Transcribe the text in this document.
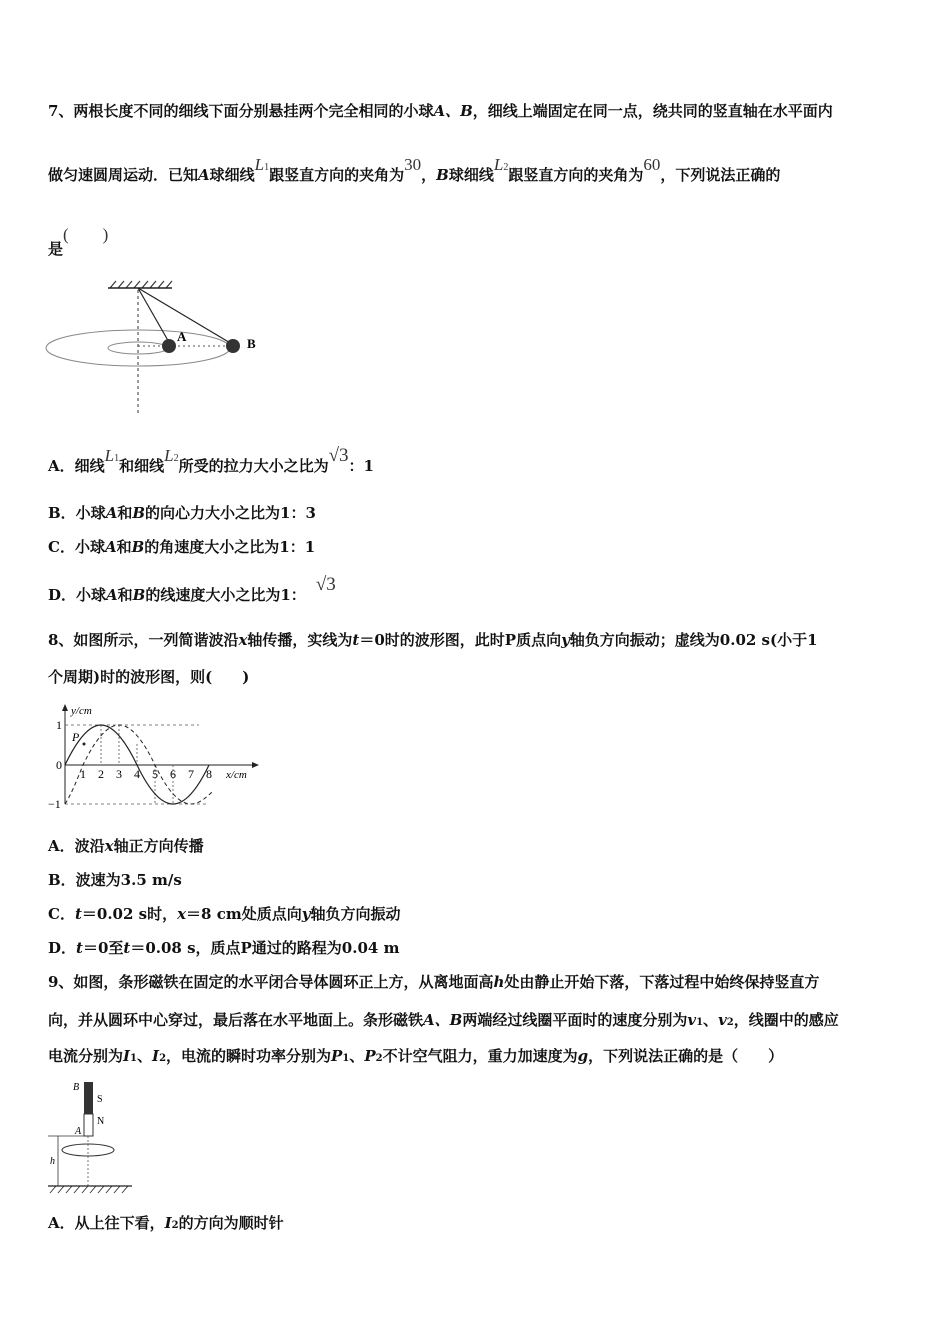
7、两根长度不同的细线下面分别悬挂两个完全相同的小球A、B，细线上端固定在同一点，绕共同的竖直轴在水平面内
做匀速圆周运动．已知A球细线L1跟竖直方向的夹角为30，B球细线L2跟竖直方向的夹角为60，下列说法正确的
是(　　)
A	B
A．细线L1和细线L2所受的拉力大小之比为√3：1
B．小球A和B的向心力大小之比为1：3
C．小球A和B的角速度大小之比为1：1
D．小球A和B的线速度大小之比为1： √3
8、如图所示，一列简谐波沿x轴传播，实线为t＝0时的波形图，此时P质点向y轴负方向振动；虚线为0.02 s(小于1
个周期)时的波形图，则(　　)
y/cm
x/cm
1
0
−1
1 2 3 4 5 6 7 8
P
A．波沿x轴正方向传播
B．波速为3.5 m/s
C．t＝0.02 s时，x＝8 cm处质点向y轴负方向振动
D．t＝0至t＝0.08 s，质点P通过的路程为0.04 m
9、如图，条形磁铁在固定的水平闭合导体圆环正上方，从离地面高h处由静止开始下落，下落过程中始终保持竖直方
向，并从圆环中心穿过，最后落在水平地面上。条形磁铁A、B两端经过线圈平面时的速度分别为v1、v2，线圈中的感应
电流分别为I1、I2，电流的瞬时功率分别为P1、P2不计空气阻力，重力加速度为g，下列说法正确的是（　　）
B
S
N
A
h
A．从上往下看，I2的方向为顺时针
